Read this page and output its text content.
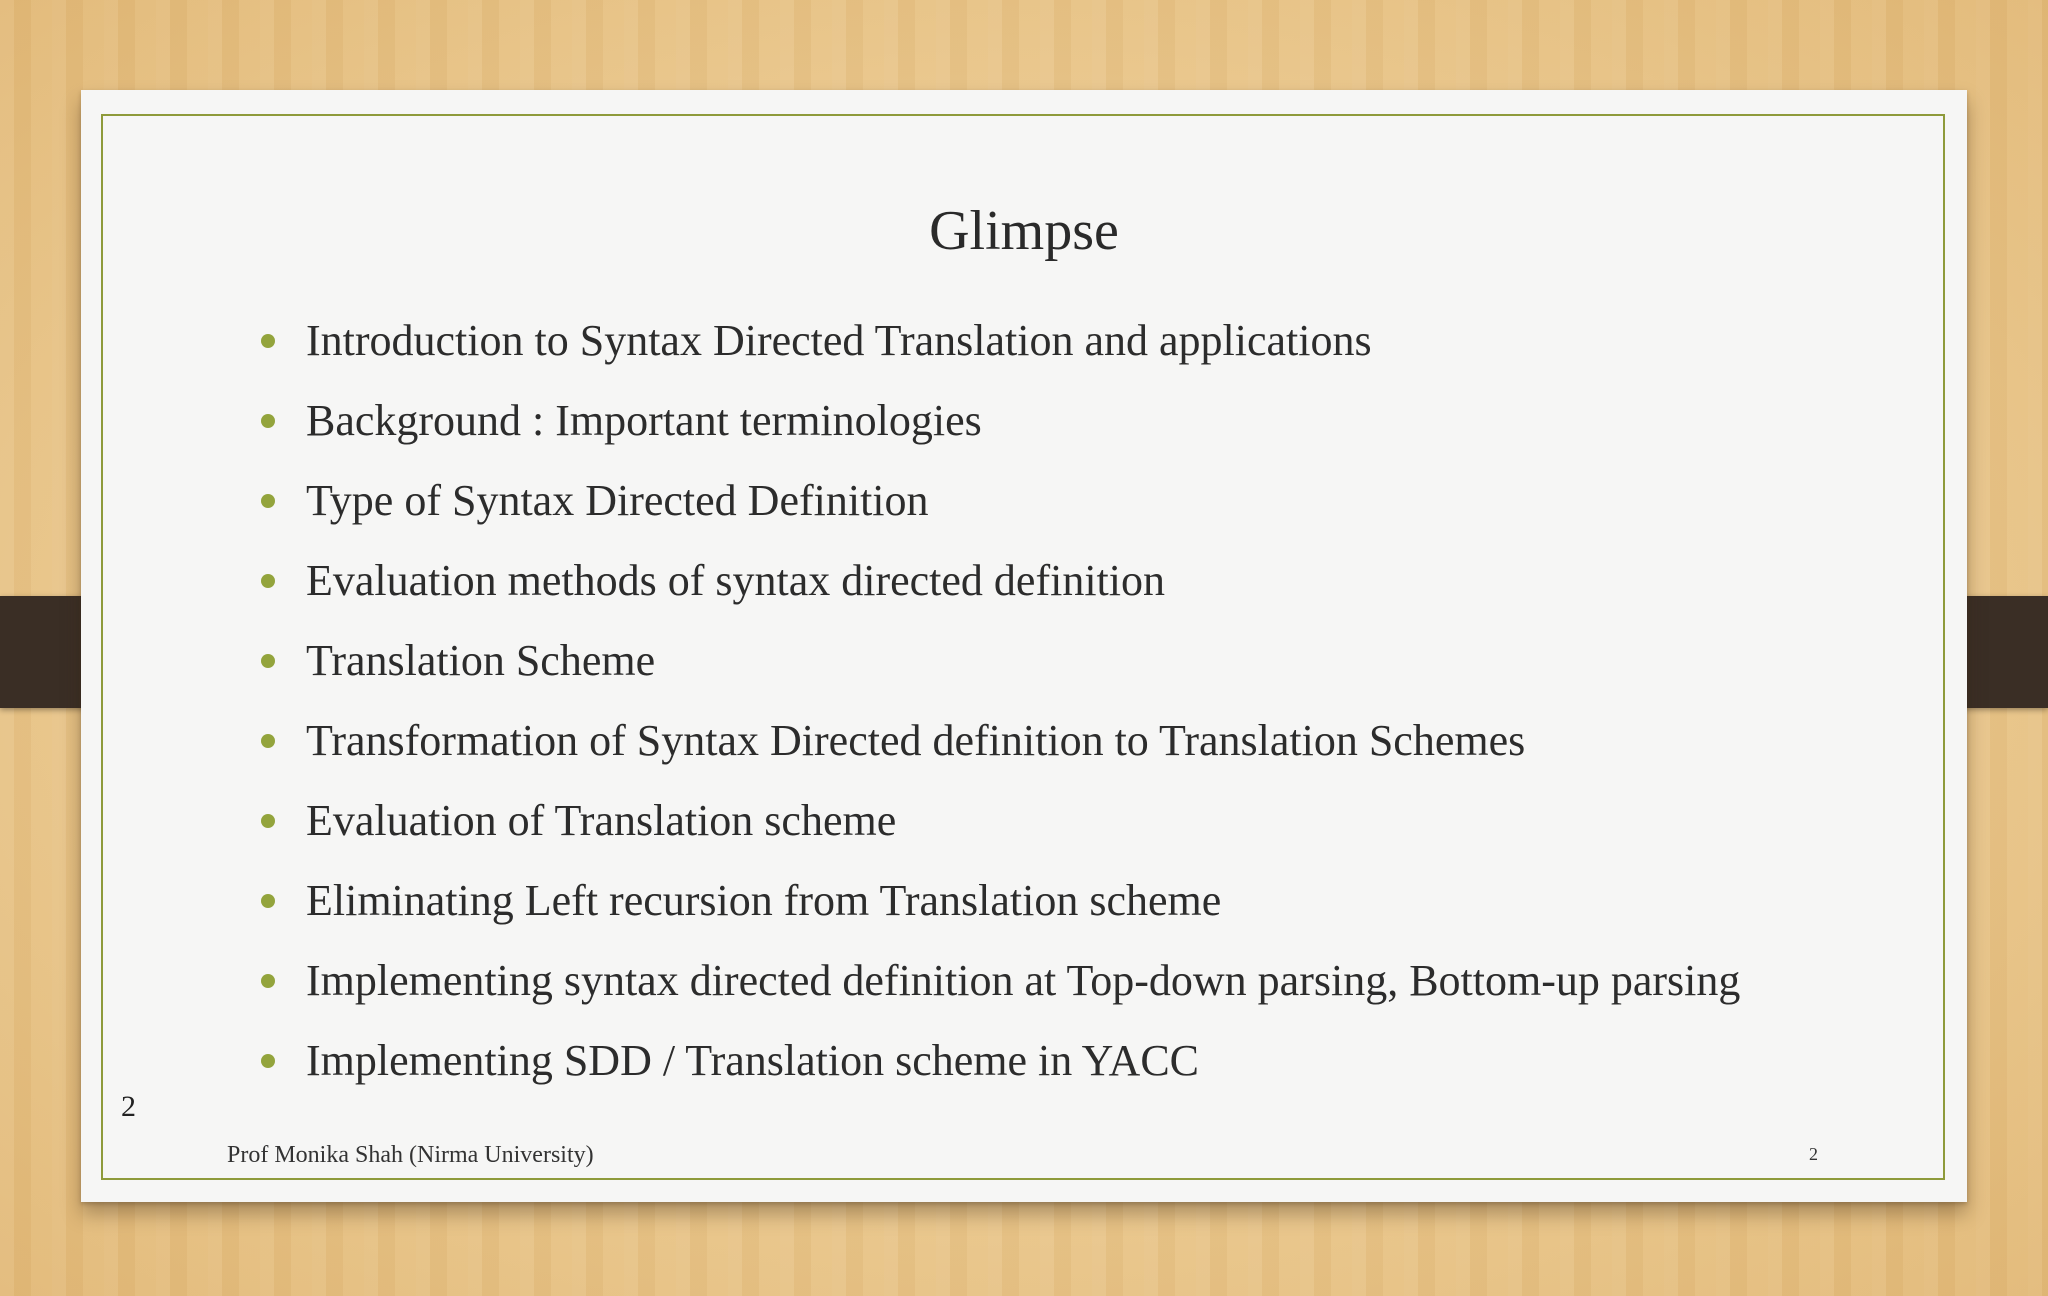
Glimpse
Introduction to Syntax Directed Translation and applications
Background : Important terminologies
Type of Syntax Directed Definition
Evaluation methods of syntax directed definition
Translation Scheme
Transformation of Syntax Directed definition to Translation Schemes
Evaluation of Translation scheme
Eliminating Left recursion from Translation scheme
Implementing syntax directed definition at Top-down parsing, Bottom-up parsing
Implementing SDD / Translation scheme in YACC
2
Prof Monika Shah (Nirma University)	2
